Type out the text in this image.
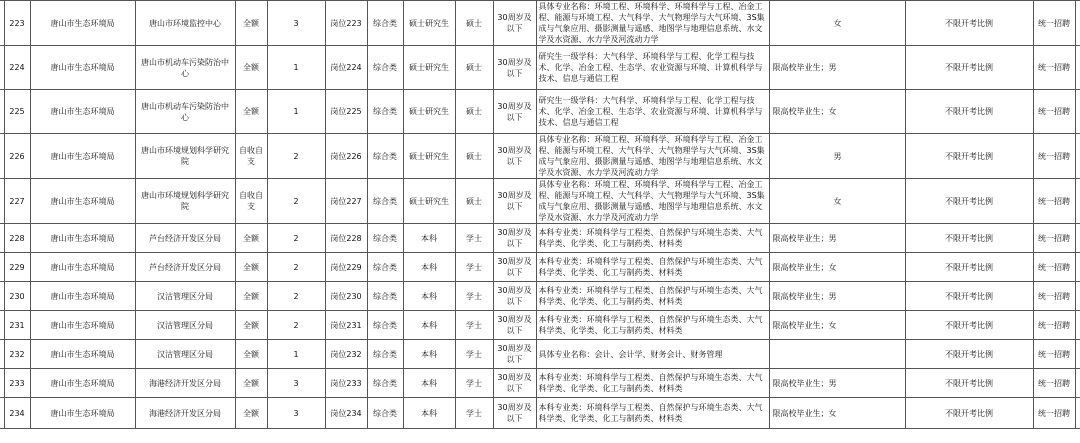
	223	唐山市生态环境局	唐山市环境监控中心	全额	3	岗位223	综合类	硕士研究生	硕士	30周岁及以下	具体专业名称：环境工程、环境科学、环境科学与工程、冶金工程、能源与环境工程、大气科学、大气物理学与大气环境、3S集成与气象应用、摄影测量与遥感、地图学与地理信息系统、水文学及水资源、水力学及河流动力学	女	不限开考比例	统一招聘	
	224	唐山市生态环境局	唐山市机动车污染防治中心	全额	1	岗位224	综合类	硕士研究生	硕士	30周岁及以下	研究生一级学科：大气科学、环境科学与工程、化学工程与技术、化学、冶金工程、生态学、农业资源与环境、计算机科学与技术、信息与通信工程	限高校毕业生；男	不限开考比例	统一招聘	
	225	唐山市生态环境局	唐山市机动车污染防治中心	全额	1	岗位225	综合类	硕士研究生	硕士	30周岁及以下	研究生一级学科：大气科学、环境科学与工程、化学工程与技术、化学、冶金工程、生态学、农业资源与环境、计算机科学与技术、信息与通信工程	限高校毕业生；女	不限开考比例	统一招聘	
	226	唐山市生态环境局	唐山市环境规划科学研究院	自收自支	2	岗位226	综合类	硕士研究生	硕士	30周岁及以下	具体专业名称：环境工程、环境科学、环境科学与工程、冶金工程、能源与环境工程、大气科学、大气物理学与大气环境、3S集成与气象应用、摄影测量与遥感、地图学与地理信息系统、水文学及水资源、水力学及河流动力学	男	不限开考比例	统一招聘	
	227	唐山市生态环境局	唐山市环境规划科学研究院	自收自支	2	岗位227	综合类	硕士研究生	硕士	30周岁及以下	具体专业名称：环境工程、环境科学、环境科学与工程、冶金工程、能源与环境工程、大气科学、大气物理学与大气环境、3S集成与气象应用、摄影测量与遥感、地图学与地理信息系统、水文学及水资源、水力学及河流动力学	女	不限开考比例	统一招聘	
	228	唐山市生态环境局	芦台经济开发区分局	全额	2	岗位228	综合类	本科	学士	30周岁及以下	本科专业类：环境科学与工程类、自然保护与环境生态类、大气科学类、化学类、化工与制药类、材料类	限高校毕业生；男	不限开考比例	统一招聘	
	229	唐山市生态环境局	芦台经济开发区分局	全额	2	岗位229	综合类	本科	学士	30周岁及以下	本科专业类：环境科学与工程类、自然保护与环境生态类、大气科学类、化学类、化工与制药类、材料类	限高校毕业生；女	不限开考比例	统一招聘	
	230	唐山市生态环境局	汉沽管理区分局	全额	2	岗位230	综合类	本科	学士	30周岁及以下	本科专业类：环境科学与工程类、自然保护与环境生态类、大气科学类、化学类、化工与制药类、材料类	限高校毕业生；男	不限开考比例	统一招聘	
	231	唐山市生态环境局	汉沽管理区分局	全额	2	岗位231	综合类	本科	学士	30周岁及以下	本科专业类：环境科学与工程类、自然保护与环境生态类、大气科学类、化学类、化工与制药类、材料类	限高校毕业生；女	不限开考比例	统一招聘	
	232	唐山市生态环境局	汉沽管理区分局	全额	1	岗位232	综合类	本科	学士	30周岁及以下	具体专业名称：会计、会计学、财务会计、财务管理		不限开考比例	统一招聘	
	233	唐山市生态环境局	海港经济开发区分局	全额	3	岗位233	综合类	本科	学士	30周岁及以下	本科专业类：环境科学与工程类、自然保护与环境生态类、大气科学类、化学类、化工与制药类、材料类	限高校毕业生；男	不限开考比例	统一招聘	
	234	唐山市生态环境局	海港经济开发区分局	全额	3	岗位234	综合类	本科	学士	30周岁及以下	本科专业类：环境科学与工程类、自然保护与环境生态类、大气科学类、化学类、化工与制药类、材料类	限高校毕业生；女	不限开考比例	统一招聘	
